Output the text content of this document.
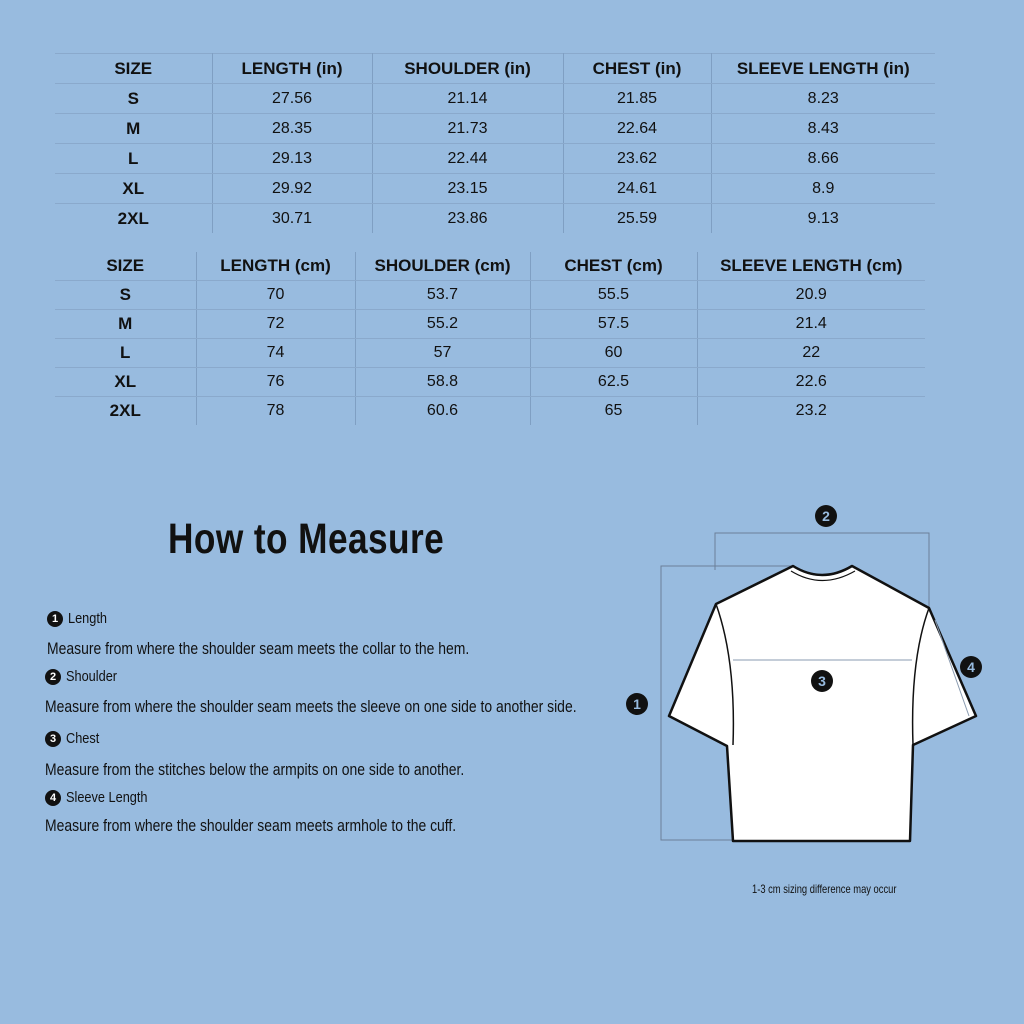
SIZE	LENGTH (in)	SHOULDER (in)	CHEST (in)	SLEEVE LENGTH (in)
S	27.56	21.14	21.85	8.23
M	28.35	21.73	22.64	8.43
L	29.13	22.44	23.62	8.66
XL	29.92	23.15	24.61	8.9
2XL	30.71	23.86	25.59	9.13
SIZE	LENGTH (cm)	SHOULDER (cm)	CHEST (cm)	SLEEVE LENGTH (cm)
S	70	53.7	55.5	20.9
M	72	55.2	57.5	21.4
L	74	57	60	22
XL	76	58.8	62.5	22.6
2XL	78	60.6	65	23.2
How to Measure
1 Length
Measure from where the shoulder seam meets the collar to the hem.
2 Shoulder
Measure from where the shoulder seam meets the sleeve on one side to another side.
3 Chest
Measure from the stitches below the armpits on one side to another.
4 Sleeve Length
Measure from where the shoulder seam meets armhole to the cuff.
2
1
3
4
1-3 cm sizing difference may occur
